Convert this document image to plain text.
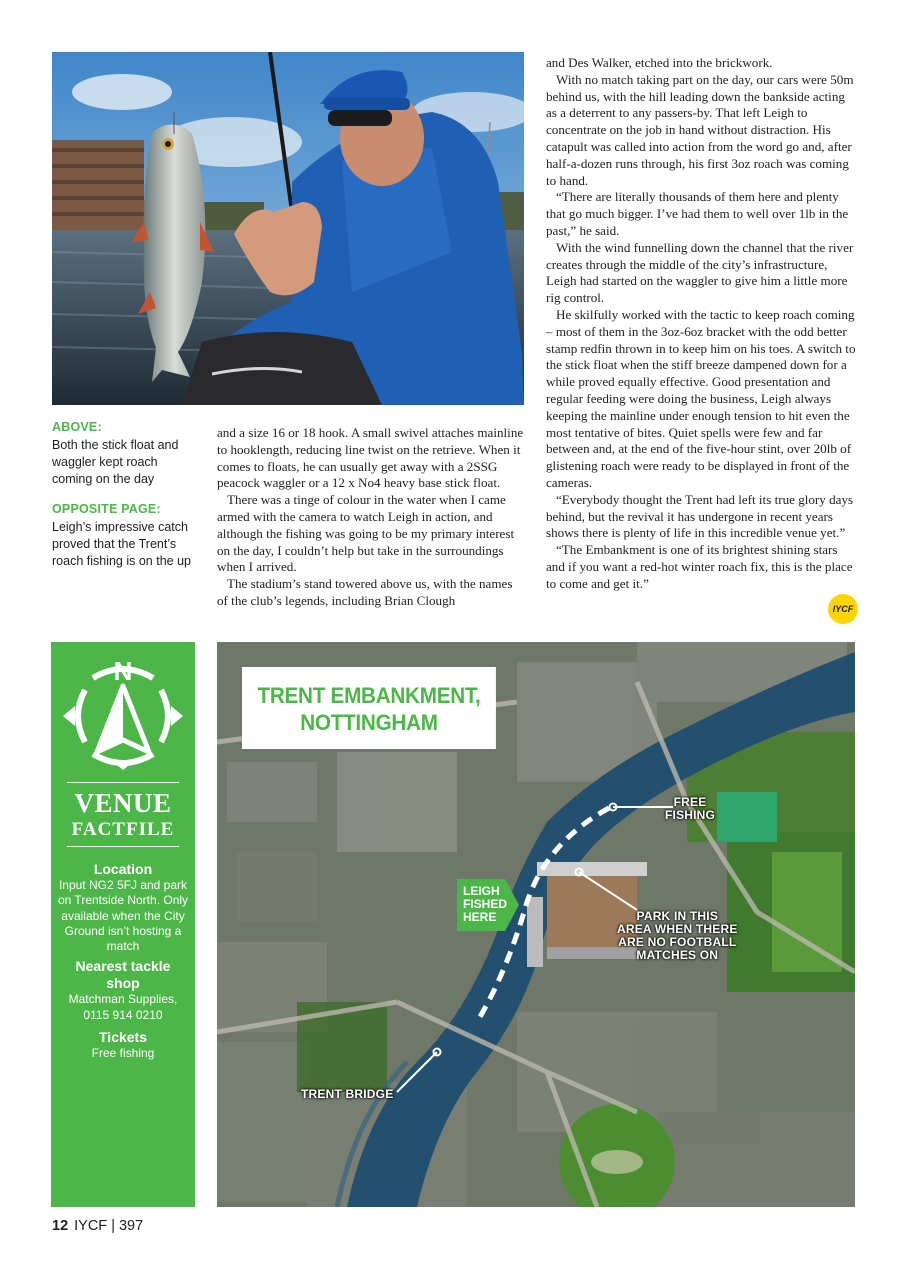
ABOVE:
Both the stick float and waggler kept roach coming on the day
OPPOSITE PAGE:
Leigh’s impressive catch proved that the Trent’s roach fishing is on the up

and a size 16 or 18 hook. A small swivel attaches mainline to hooklength, reducing line twist on the retrieve. When it comes to floats, he can usually get away with a 2SSG peacock waggler or a 12 x No4 heavy base stick float.

There was a tinge of colour in the water when I came armed with the camera to watch Leigh in action, and although the fishing was going to be my primary interest on the day, I couldn’t help but take in the surroundings when I arrived.

The stadium’s stand towered above us, with the names of the club’s legends, including Brian Clough

and Des Walker, etched into the brickwork.

With no match taking part on the day, our cars were 50m behind us, with the hill leading down the bankside acting as a deterrent to any passers-by. That left Leigh to concentrate on the job in hand without distraction. His catapult was called into action from the word go and, after half-a-dozen runs through, his first 3oz roach was coming to hand.

“There are literally thousands of them here and plenty that go much bigger. I’ve had them to well over 1lb in the past,” he said.

With the wind funnelling down the channel that the river creates through the middle of the city’s infrastructure, Leigh had started on the waggler to give him a little more rig control.

He skilfully worked with the tactic to keep roach coming – most of them in the 3oz-6oz bracket with the odd better stamp redfin thrown in to keep him on his toes. A switch to the stick float when the stiff breeze dampened down for a while proved equally effective. Good presentation and regular feeding were doing the business, Leigh always keeping the mainline under enough tension to hit even the most tentative of bites. Quiet spells were few and far between and, at the end of the five-hour stint, over 20lb of glistening roach were ready to be displayed in front of the cameras.

“Everybody thought the Trent had left its true glory days behind, but the revival it has undergone in recent years shows there is plenty of life in this incredible venue yet.”

“The Embankment is one of its brightest shining stars and if you want a red-hot winter roach fix, this is the place to come and get it.”

IYCF
N
VENUE
FACTFILE
Location
Input NG2 5FJ and park on Trentside North. Only available when the City Ground isn’t hosting a match
Nearest tackle shop
Matchman Supplies, 0115 914 0210
Tickets
Free fishing
TRENT EMBANKMENT,
NOTTINGHAM
FREE
FISHING
LEIGH
FISHED
HERE	PARK IN THIS
AREA WHEN THERE
ARE NO FOOTBALL
MATCHES ON
TRENT BRIDGE
12 IYCF | 397
